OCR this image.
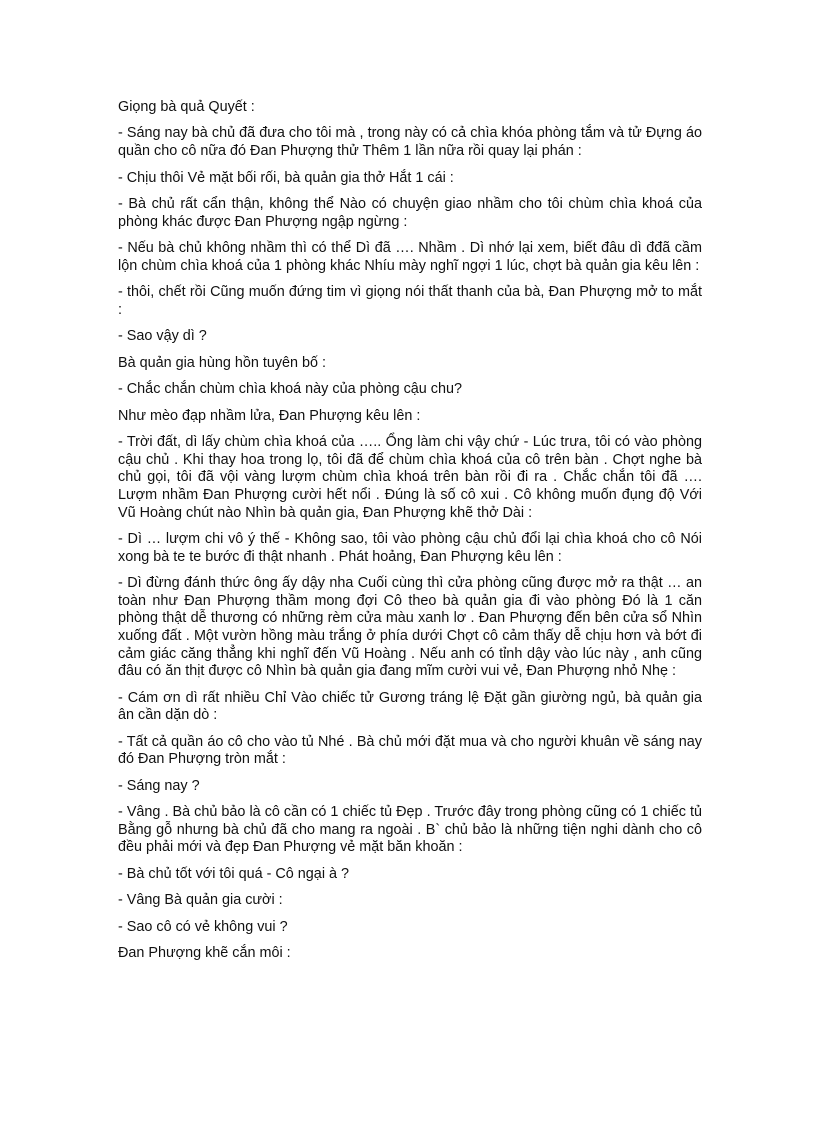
Giọng bà quả Quyết :

- Sáng nay bà chủ đã đưa cho tôi mà , trong này có cả chìa khóa phòng tắm và tử Đựng áo quần cho cô nữa đó Đan Phượng thử Thêm 1 lần nữa rồi quay lại phán :

- Chịu thôi Vẻ mặt bối rối, bà quản gia thở Hắt 1 cái :

- Bà chủ rất cẩn thận, không thể Nào có chuyện giao nhầm cho tôi chùm chìa khoá của phòng khác được Đan Phượng ngập ngừng :

- Nếu bà chủ không nhầm thì có thể Dì đã …. Nhầm . Dì nhớ lại xem, biết đâu dì đđã cầm lộn chùm chìa khoá của 1 phòng khác Nhíu mày nghĩ ngợi 1 lúc, chợt bà quản gia kêu lên :

- thôi, chết rồi Cũng muốn đứng tim vì giọng nói thất thanh của bà, Đan Phượng mở to mắt :

- Sao vậy dì ?

Bà quản gia hùng hồn tuyên bố :

- Chắc chắn chùm chìa khoá này của phòng cậu chu?

Như mèo đạp nhầm lửa, Đan Phượng kêu lên :

- Trời đất, dì lấy chùm chìa khoá của ….. Ổng làm chi vậy chứ - Lúc trưa, tôi có vào phòng cậu chủ . Khi thay hoa trong lọ, tôi đã để chùm chìa khoá của cô trên bàn . Chợt nghe bà chủ gọi, tôi đã vội vàng lượm chùm chìa khoá trên bàn rồi đi ra . Chắc chắn tôi đã …. Lượm nhầm Đan Phượng cười hết nổi . Đúng là số cô xui . Cô không muốn đụng độ Với Vũ Hoàng chút nào Nhìn bà quản gia, Đan Phượng khẽ thở Dài :

- Dì … lượm chi vô ý thế - Không sao, tôi vào phòng cậu chủ đổi lại chìa khoá cho cô Nói xong bà te te bước đi thật nhanh . Phát hoảng, Đan Phượng kêu lên :

- Dì đừng đánh thức ông ấy dậy nha Cuối cùng thì cửa phòng cũng được mở ra thật … an toàn như Đan Phượng thầm mong đợi Cô theo bà quản gia đi vào phòng Đó là 1 căn phòng thật dễ thương có những rèm cửa màu xanh lơ . Đan Phượng đến bên cửa sổ Nhìn xuống đất . Một vườn hồng màu trắng ở phía dưới Chợt cô cảm thấy dễ chịu hơn và bớt đi cảm giác căng thẳng khi nghĩ đến Vũ Hoàng . Nếu anh có tỉnh dậy vào lúc này , anh cũng đâu có ăn thịt được cô Nhìn bà quản gia đang mĩm cười vui vẻ, Đan Phượng nhỏ Nhẹ :

- Cám ơn dì rất nhiều Chỉ Vào chiếc tử Gương tráng lệ Đặt gần giường ngủ, bà quản gia ân cần dặn dò :

- Tất cả quần áo cô cho vào tủ Nhé . Bà chủ mới đặt mua và cho người khuân về sáng nay đó Đan Phượng tròn mắt :

- Sáng nay ?

- Vâng . Bà chủ bảo là cô cần có 1 chiếc tủ Đẹp . Trước đây trong phòng cũng có 1 chiếc tủ Bằng gỗ nhưng bà chủ đã cho mang ra ngoài . B` chủ bảo là những tiện nghi dành cho cô đều phải mới và đẹp Đan Phượng vẻ mặt băn khoăn :

- Bà chủ tốt với tôi quá - Cô ngại à ?

- Vâng Bà quản gia cười :

- Sao cô có vẻ không vui ?

Đan Phượng khẽ cắn môi :
